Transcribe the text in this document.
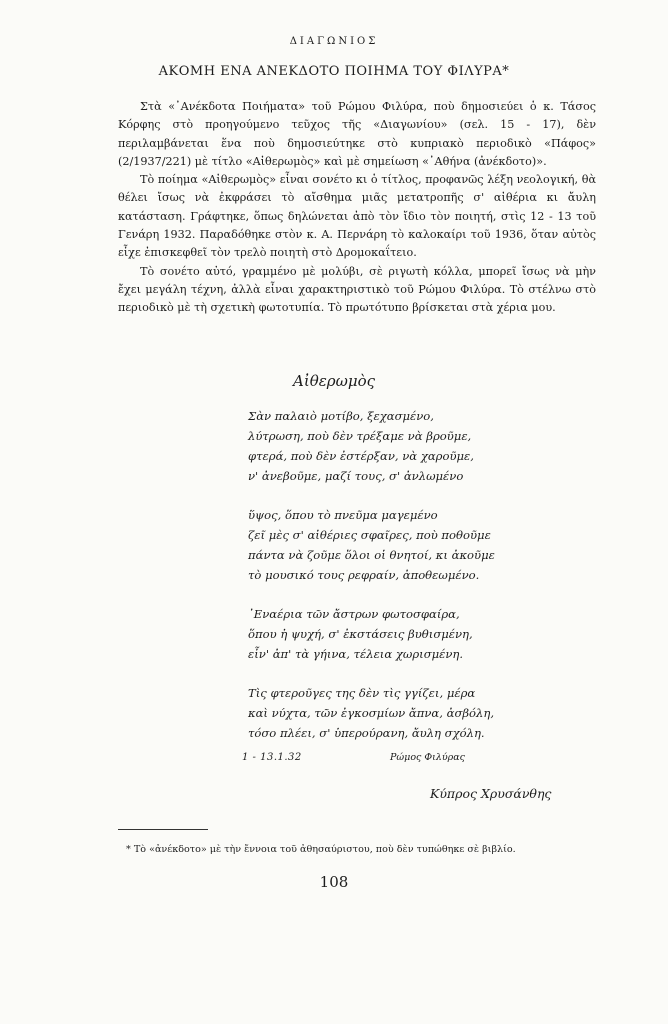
ΔΙΑΓΩΝΙΟΣ
ΑΚΟΜΗ ΕΝΑ ΑΝΕΚΔΟΤΟ ΠΟΙΗΜΑ ΤΟΥ ΦΙΛΥΡΑ*

Στὰ «᾿Ανέκδοτα Ποιήματα» τοῦ Ρώμου Φιλύρα, ποὺ δημοσιεύει ὁ κ. Τάσος Κόρφης στὸ προηγούμενο τεῦχος τῆς «Διαγωνίου» (σελ. 15 - 17), δὲν περιλαμβάνεται ἕνα ποὺ δημοσιεύτηκε στὸ κυπριακὸ περιοδικὸ «Πάφος» (2/1937/221) μὲ τίτλο «Αἰθερωμὸς» καὶ μὲ σημείωση «᾿Αθήνα (ἀνέκδοτο)».

Τὸ ποίημα «Αἰθερωμὸς» εἶναι σονέτο κι ὁ τίτλος, προφανῶς λέξη νεολογική, θὰ θέλει ἴσως νὰ ἐκφράσει τὸ αἴσθημα μιᾶς μετατροπῆς σ' αἰθέρια κι ἄυλη κατάσταση. Γράφτηκε, ὅπως δηλώνεται ἀπὸ τὸν ἴδιο τὸν ποιητή, στὶς 12 - 13 τοῦ Γενάρη 1932. Παραδόθηκε στὸν κ. Α. Περνάρη τὸ καλοκαίρι τοῦ 1936, ὅταν αὐτὸς εἶχε ἐπισκεφθεῖ τὸν τρελὸ ποιητὴ στὸ Δρομοκαΐτειο.

Τὸ σονέτο αὐτό, γραμμένο μὲ μολύβι, σὲ ριγωτὴ κόλλα, μπορεῖ ἴσως νὰ μὴν ἔχει μεγάλη τέχνη, ἀλλὰ εἶναι χαρακτηριστικὸ τοῦ Ρώμου Φιλύρα. Τὸ στέλνω στὸ περιοδικὸ μὲ τὴ σχετικὴ φωτοτυπία. Τὸ πρωτότυπο βρίσκεται στὰ χέρια μου.

Αἰθερωμὸς
Σὰν παλαιὸ μοτίβο, ξεχασμένο,
λύτρωση, ποὺ δὲν τρέξαμε νὰ βροῦμε,
φτερά, ποὺ δὲν ἐστέρξαν, νὰ χαροῦμε,
ν' ἀνεβοῦμε, μαζί τους, σ' ἀνλωμένο
ὕψος, ὅπου τὸ πνεῦμα μαγεμένο
ζεῖ μὲς σ' αἰθέριες σφαῖρες, ποὺ ποθοῦμε
πάντα νὰ ζοῦμε ὅλοι οἱ θνητοί, κι ἀκοῦμε
τὸ μουσικό τους ρεφραίν, ἀποθεωμένο.
᾿Εναέρια τῶν ἄστρων φωτοσφαίρα,
ὅπου ἡ ψυχή, σ' ἐκστάσεις βυθισμένη,
εἶν' ἀπ' τὰ γήινα, τέλεια χωρισμένη.
Τὶς φτεροῦγες της δὲν τὶς γγίζει, μέρα
καὶ νύχτα, τῶν ἐγκοσμίων ἄπνα, ἀσβόλη,
τόσο πλέει, σ' ὑπερούρανη, ἄυλη σχόλη.
1 - 13.1.32	Ρώμος Φιλύρας
Κύπρος Χρυσάνθης
* Τὸ «ἀνέκδοτο» μὲ τὴν ἔννοια τοῦ ἀθησαύριστου, ποὺ δὲν τυπώθηκε σὲ βιβλίο.
108
